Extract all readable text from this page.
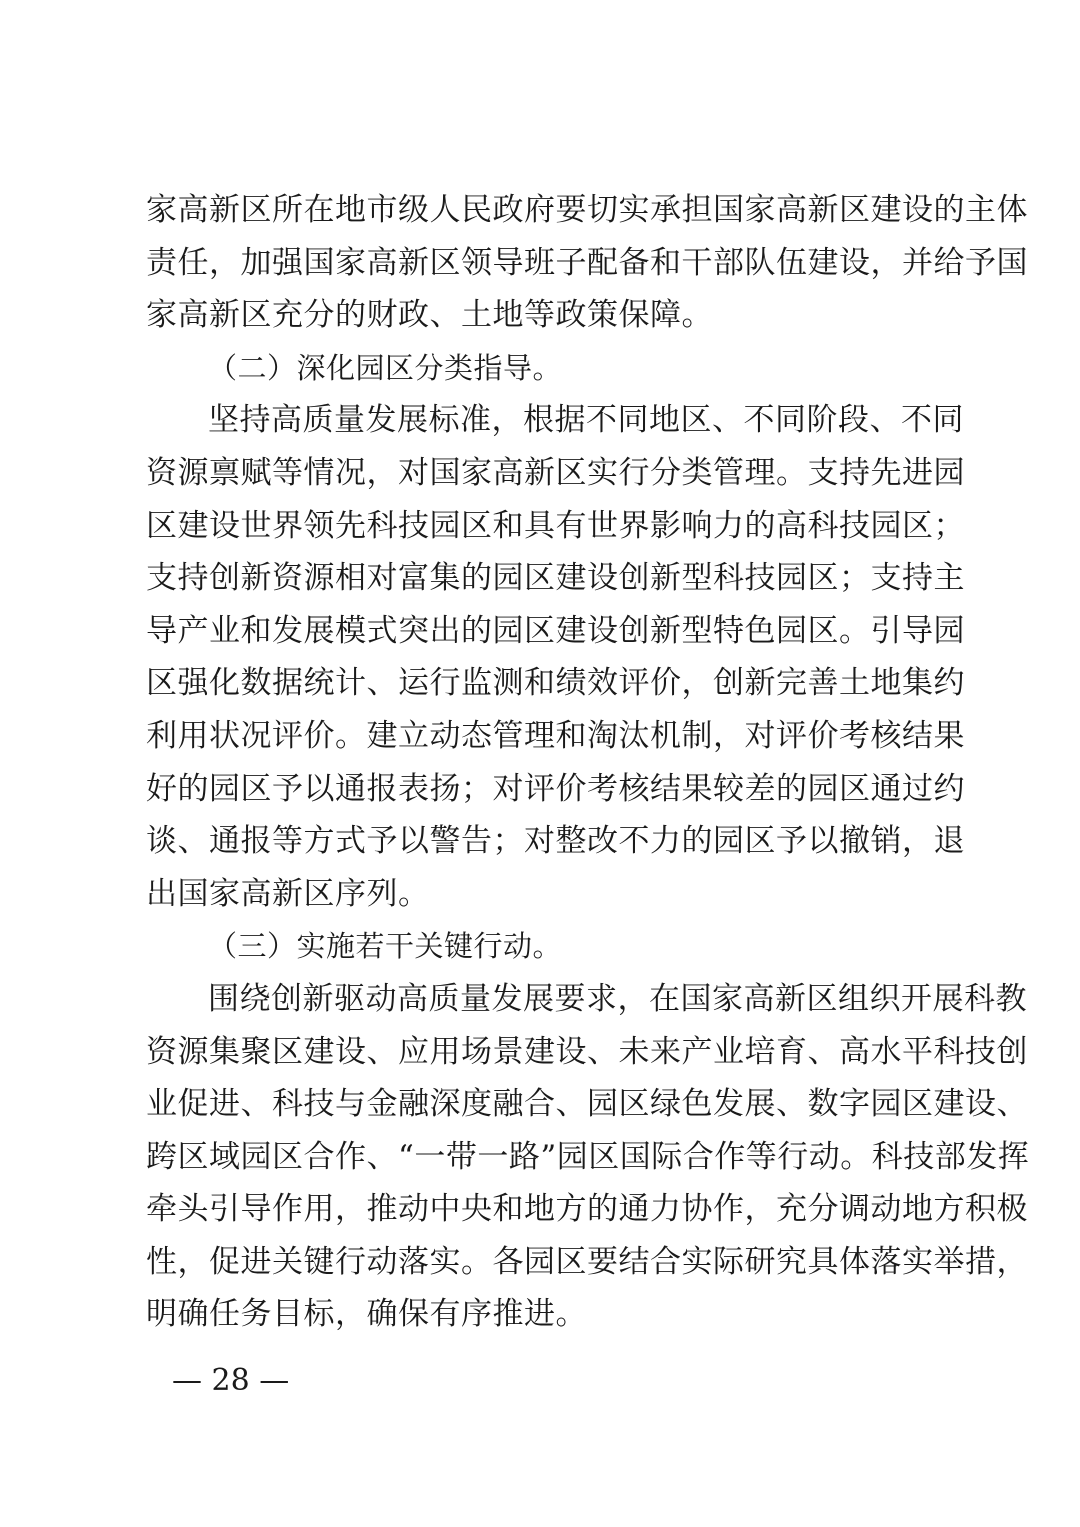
家高新区所在地市级人民政府要切实承担国家高新区建设的主体
责任，加强国家高新区领导班子配备和干部队伍建设，并给予国
家高新区充分的财政、土地等政策保障。
（二）深化园区分类指导。
坚持高质量发展标准，根据不同地区、不同阶段、不同
资源禀赋等情况，对国家高新区实行分类管理。支持先进园
区建设世界领先科技园区和具有世界影响力的高科技园区；
支持创新资源相对富集的园区建设创新型科技园区；支持主
导产业和发展模式突出的园区建设创新型特色园区。引导园
区强化数据统计、运行监测和绩效评价，创新完善土地集约
利用状况评价。建立动态管理和淘汰机制，对评价考核结果
好的园区予以通报表扬；对评价考核结果较差的园区通过约
谈、通报等方式予以警告；对整改不力的园区予以撤销，退
出国家高新区序列。
（三）实施若干关键行动。
围绕创新驱动高质量发展要求，在国家高新区组织开展科教
资源集聚区建设、应用场景建设、未来产业培育、高水平科技创
业促进、科技与金融深度融合、园区绿色发展、数字园区建设、
跨区域园区合作、“一带一路”园区国际合作等行动。科技部发挥
牵头引导作用，推动中央和地方的通力协作，充分调动地方积极
性，促进关键行动落实。各园区要结合实际研究具体落实举措，
明确任务目标，确保有序推进。
— 28 —
